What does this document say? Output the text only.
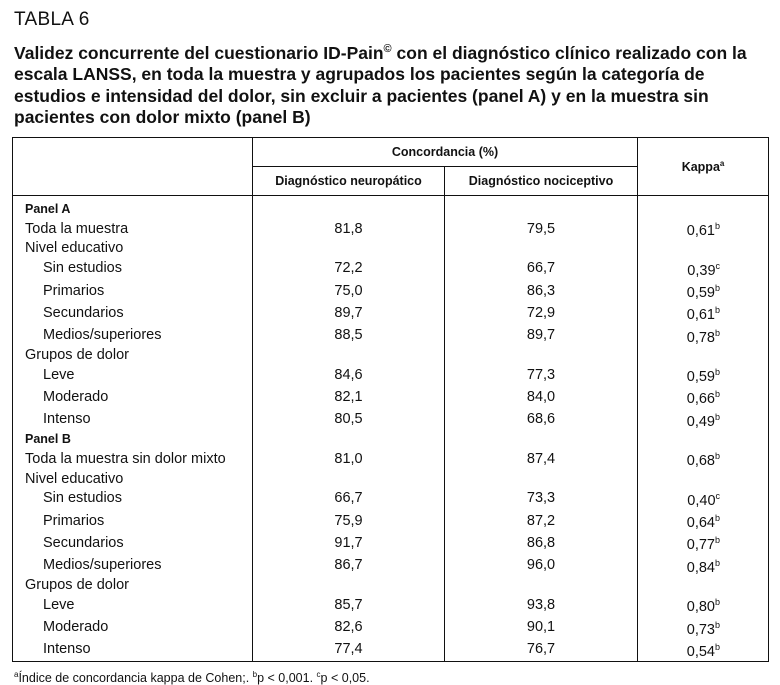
TABLA 6
Validez concurrente del cuestionario ID-Pain© con el diagnóstico clínico realizado con la escala LANSS, en toda la muestra y agrupados los pacientes según la categoría de estudios e intensidad del dolor, sin excluir a pacientes (panel A) y en la muestra sin pacientes con dolor mixto (panel B)
	Concordancia (%)		Kappa$^a$
	Diagnóstico neuropático	Diagnóstico nociceptivo	

Panel A			
Toda la muestra	81,8	79,5	0,61$^b$
Nivel educativo			
Sin estudios	72,2	66,7	0,39$^c$
Primarios	75,0	86,3	0,59$^b$
Secundarios	89,7	72,9	0,61$^b$
Medios/superiores	88,5	89,7	0,78$^b$
Grupos de dolor			
Leve	84,6	77,3	0,59$^b$
Moderado	82,1	84,0	0,66$^b$
Intenso	80,5	68,6	0,49$^b$
Panel B			
Toda la muestra sin dolor mixto	81,0	87,4	0,68$^b$
Nivel educativo			
Sin estudios	66,7	73,3	0,40$^c$
Primarios	75,9	87,2	0,64$^b$
Secundarios	91,7	86,8	0,77$^b$
Medios/superiores	86,7	96,0	0,84$^b$
Grupos de dolor			
Leve	85,7	93,8	0,80$^b$
Moderado	82,6	90,1	0,73$^b$
Intenso	77,4	76,7	0,54$^b$
$^a$Índice de concordancia kappa de Cohen;. $^b$p < 0,001. $^c$p < 0,05.
